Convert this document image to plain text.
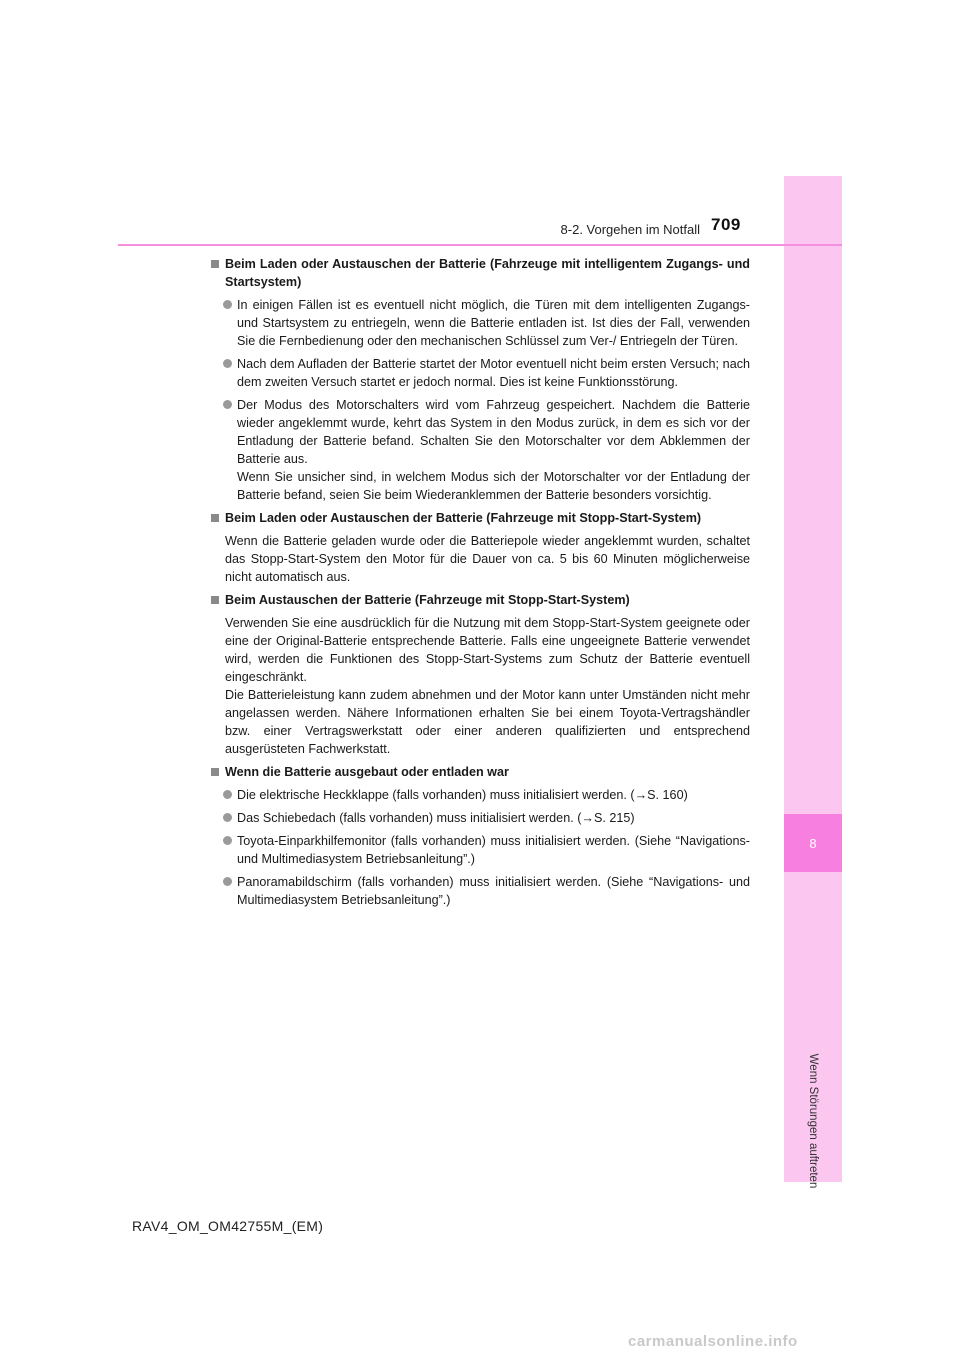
8
Wenn Störungen auftreten
8-2. Vorgehen im Notfall 709
Beim Laden oder Austauschen der Batterie (Fahrzeuge mit intelligentem Zugangs- und Startsystem)
In einigen Fällen ist es eventuell nicht möglich, die Türen mit dem intelligenten Zugangs- und Startsystem zu entriegeln, wenn die Batterie entladen ist. Ist dies der Fall, verwenden Sie die Fernbedienung oder den mechanischen Schlüssel zum Ver-/ Entriegeln der Türen.
Nach dem Aufladen der Batterie startet der Motor eventuell nicht beim ersten Versuch; nach dem zweiten Versuch startet er jedoch normal. Dies ist keine Funktionsstörung.
Der Modus des Motorschalters wird vom Fahrzeug gespeichert. Nachdem die Batterie wieder angeklemmt wurde, kehrt das System in den Modus zurück, in dem es sich vor der Entladung der Batterie befand. Schalten Sie den Motorschalter vor dem Abklemmen der Batterie aus.
Wenn Sie unsicher sind, in welchem Modus sich der Motorschalter vor der Entladung der Batterie befand, seien Sie beim Wiederanklemmen der Batterie besonders vorsichtig.
Beim Laden oder Austauschen der Batterie (Fahrzeuge mit Stopp-Start-System)
Wenn die Batterie geladen wurde oder die Batteriepole wieder angeklemmt wurden, schaltet das Stopp-Start-System den Motor für die Dauer von ca. 5 bis 60 Minuten möglicherweise nicht automatisch aus.
Beim Austauschen der Batterie (Fahrzeuge mit Stopp-Start-System)
Verwenden Sie eine ausdrücklich für die Nutzung mit dem Stopp-Start-System geeignete oder eine der Original-Batterie entsprechende Batterie. Falls eine ungeeignete Batterie verwendet wird, werden die Funktionen des Stopp-Start-Systems zum Schutz der Batterie eventuell eingeschränkt.
Die Batterieleistung kann zudem abnehmen und der Motor kann unter Umständen nicht mehr angelassen werden. Nähere Informationen erhalten Sie bei einem Toyota-Vertragshändler bzw. einer Vertragswerkstatt oder einer anderen qualifizierten und entsprechend ausgerüsteten Fachwerkstatt.
Wenn die Batterie ausgebaut oder entladen war
Die elektrische Heckklappe (falls vorhanden) muss initialisiert werden. (→S. 160)
Das Schiebedach (falls vorhanden) muss initialisiert werden. (→S. 215)
Toyota-Einparkhilfemonitor (falls vorhanden) muss initialisiert werden. (Siehe “Navigations- und Multimediasystem Betriebsanleitung”.)
Panoramabildschirm (falls vorhanden) muss initialisiert werden. (Siehe “Navigations- und Multimediasystem Betriebsanleitung”.)
RAV4_OM_OM42755M_(EM)
carmanualsonline.info
